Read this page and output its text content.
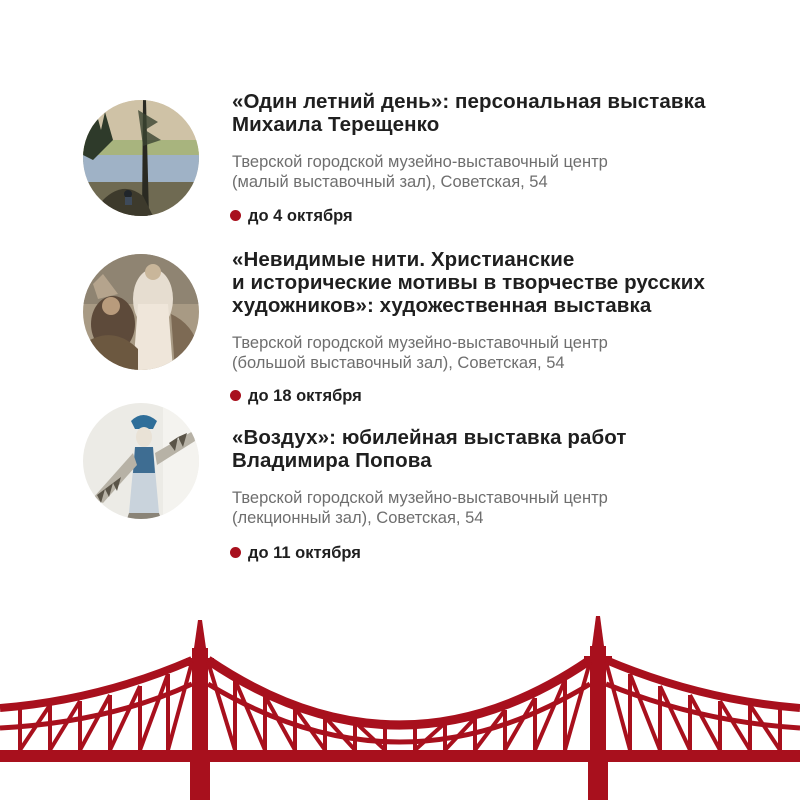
«Один летний день»: персональная выставка
Михаила Терещенко

Тверской городской музейно-выставочный центр
(малый выставочный зал), Советская, 54

до 4 октября

«Невидимые нити. Христианские
и исторические мотивы в творчестве русских
художников»: художественная выставка

Тверской городской музейно-выставочный центр
(большой выставочный зал), Советская, 54

до 18 октября

«Воздух»: юбилейная выставка работ
Владимира Попова

Тверской городской музейно-выставочный центр
(лекционный зал), Советская, 54

до 11 октября
